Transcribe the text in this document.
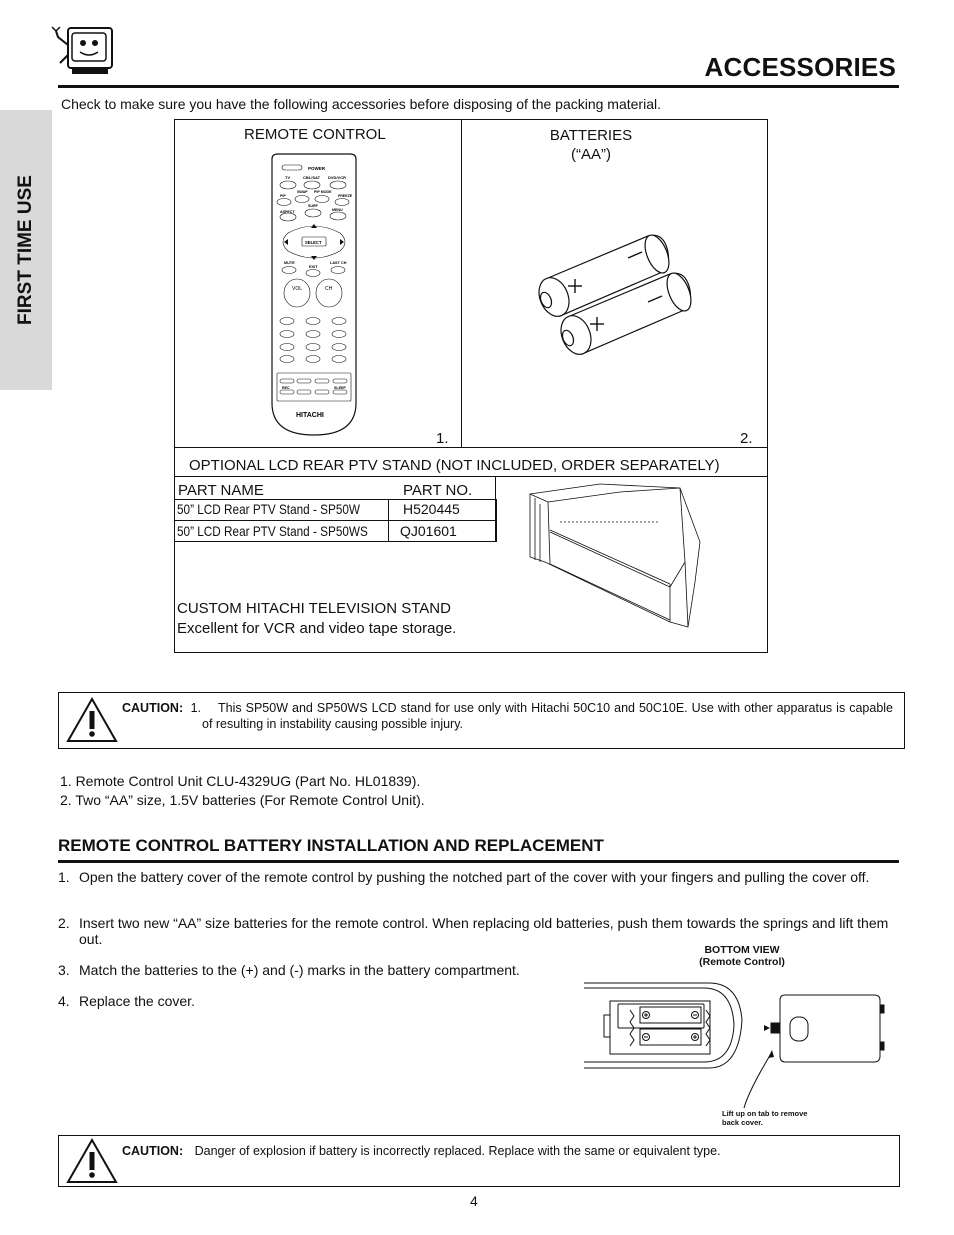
ACCESSORIES
FIRST TIME USE
Check to make sure you have the following accessories before disposing of the packing material.
REMOTE CONTROL
1.
BATTERIES
(“AA”)
2.
POWER
TV	CBL/SAT DVD/VCR
PIP
SWAP PIP MODE
FREEZE
ASPECT
SURF
MENU
SELECT
MUTE
EXIT
LAST CH
VOL	CH
REC	SLEEP
HITACHI
OPTIONAL LCD REAR PTV STAND (NOT INCLUDED, ORDER SEPARATELY)
PART NAME	PART NO.
50” LCD Rear PTV Stand - SP50W	H520445
50” LCD Rear PTV Stand - SP50WS QJ01601
CUSTOM HITACHI TELEVISION STAND
Excellent for VCR and video tape storage.
CAUTION: 1.	This SP50W and SP50WS LCD stand for use only with Hitachi 50C10 and 50C10E. Use with other apparatus is capable of resulting in instability causing possible injury.
1. Remote Control Unit CLU-4329UG (Part No. HL01839).
2. Two “AA” size, 1.5V batteries (For Remote Control Unit).
REMOTE CONTROL BATTERY INSTALLATION AND REPLACEMENT
1. Open the battery cover of the remote control by pushing the notched part of the cover with your fingers and pulling the cover off.
2. Insert two new “AA” size batteries for the remote control. When replacing old batteries, push them towards the springs and lift them out.
3. Match the batteries to the (+) and (-) marks in the battery compartment.
4. Replace the cover.
BOTTOM VIEW
(Remote Control)
Lift up on tab to remove back cover.
CAUTION: Danger of explosion if battery is incorrectly replaced. Replace with the same or equivalent type.
4
